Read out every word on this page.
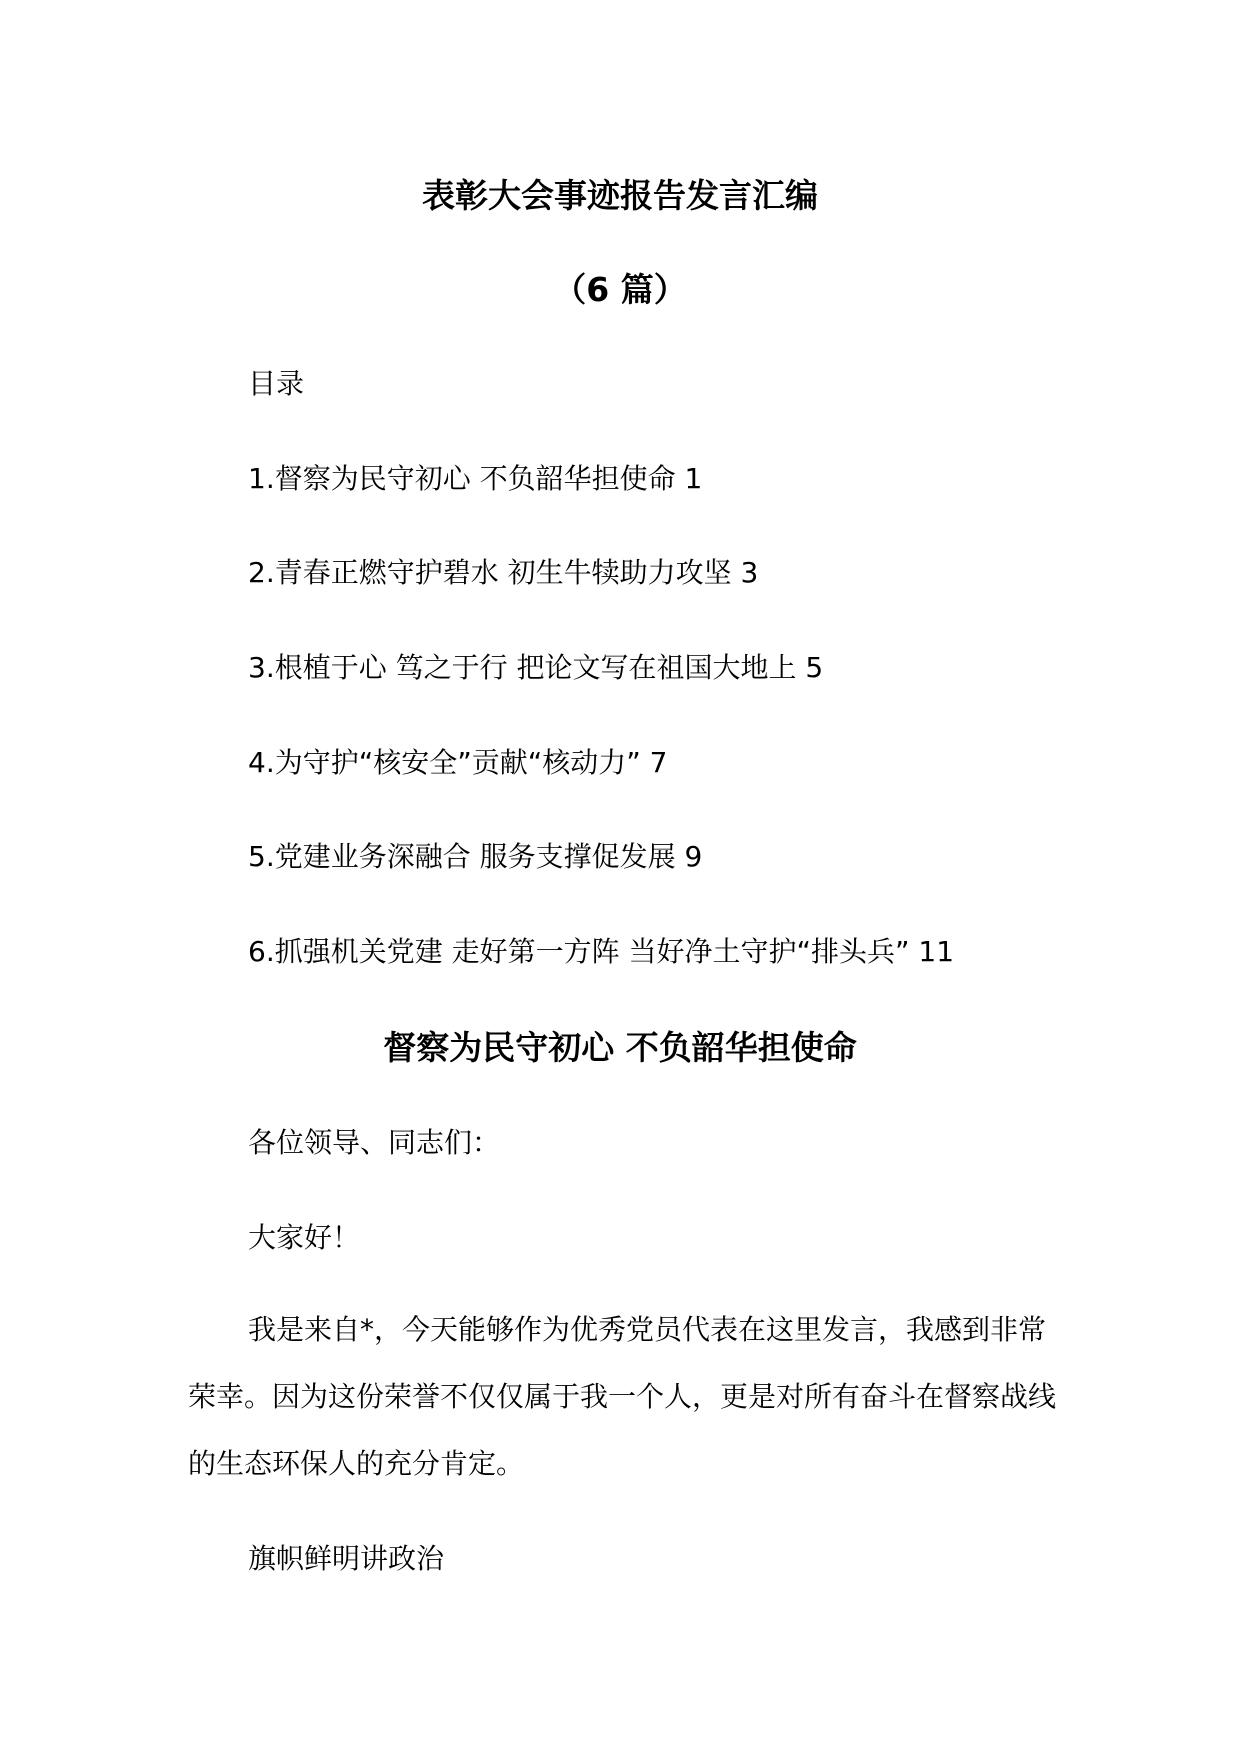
表彰大会事迹报告发言汇编
（6 篇）
目录
1.督察为民守初心 不负韶华担使命 1
2.青春正燃守护碧水 初生牛犊助力攻坚 3
3.根植于心 笃之于行 把论文写在祖国大地上 5
4.为守护“核安全”贡献“核动力” 7
5.党建业务深融合 服务支撑促发展 9
6.抓强机关党建 走好第一方阵 当好净土守护“排头兵” 11
督察为民守初心 不负韶华担使命
各位领导、同志们：
大家好！
我是来自*，今天能够作为优秀党员代表在这里发言，我感到非常荣幸。因为这份荣誉不仅仅属于我一个人，更是对所有奋斗在督察战线的生态环保人的充分肯定。
旗帜鲜明讲政治
